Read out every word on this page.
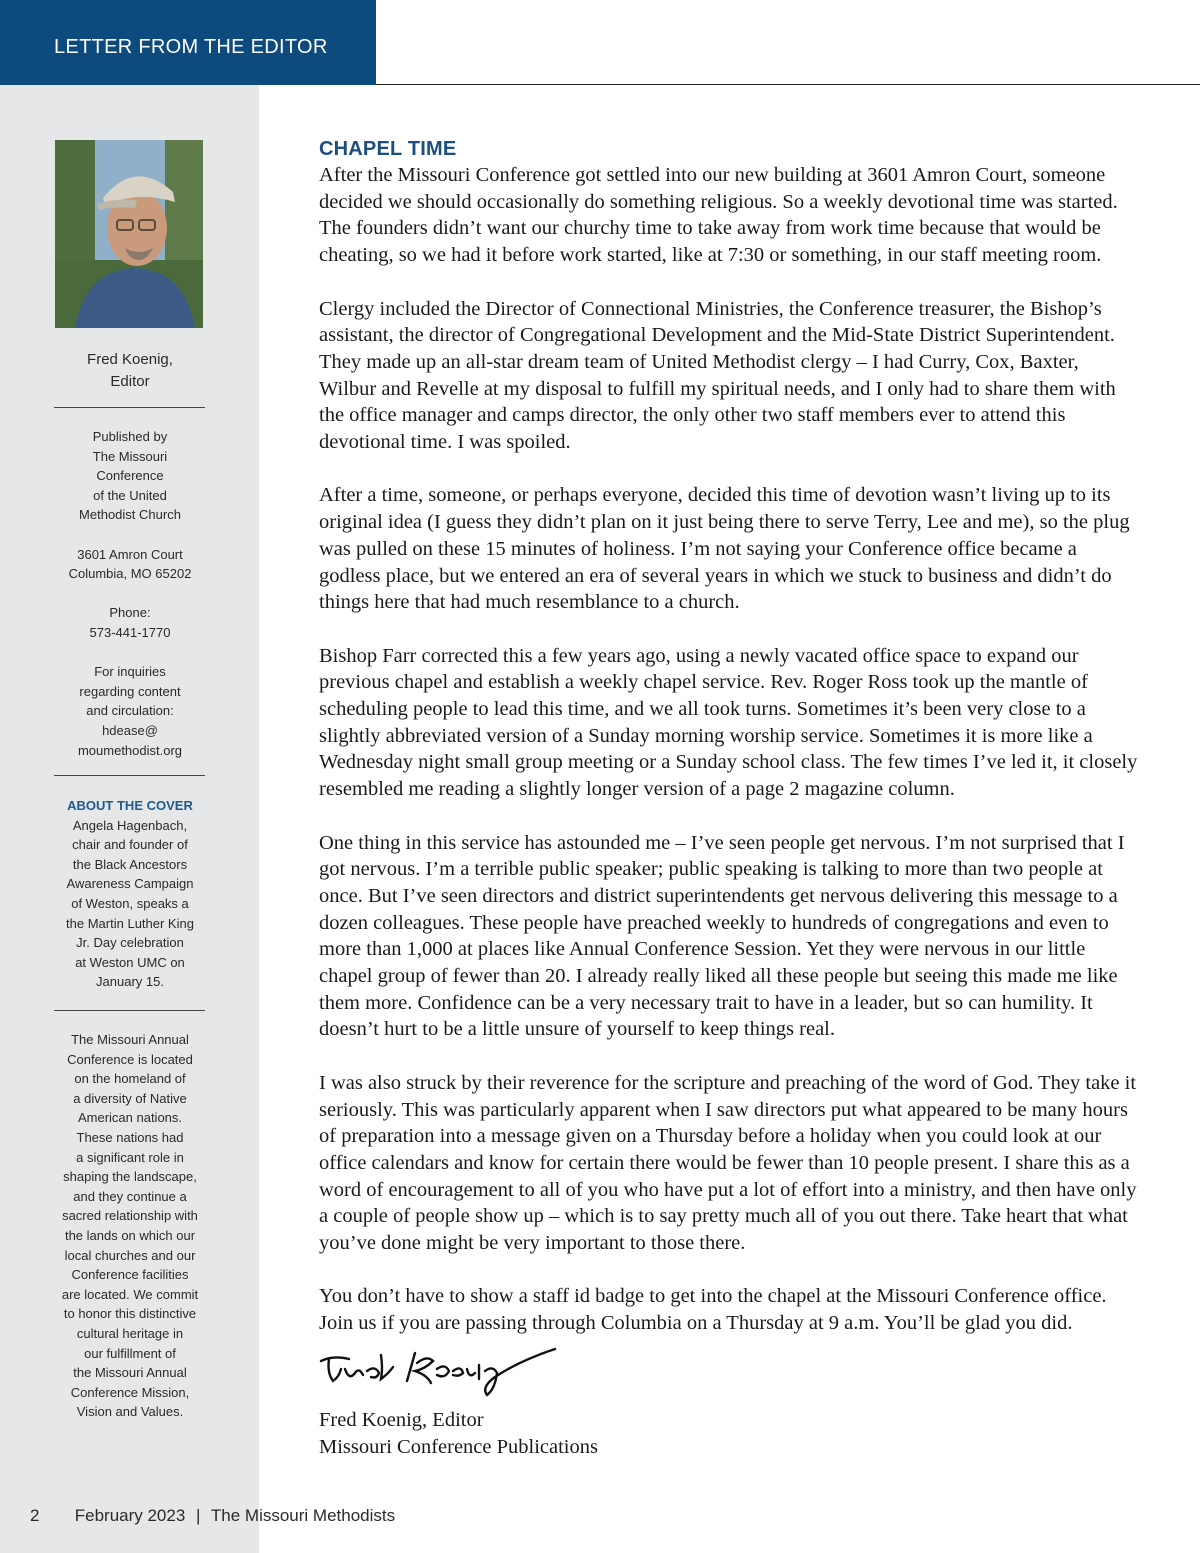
LETTER FROM THE EDITOR
Fred Koenig,
Editor

Published by
The Missouri
Conference
of the United
Methodist Church

3601 Amron Court
Columbia, MO 65202

Phone:
573-441-1770

For inquiries
regarding content
and circulation:
hdease@
moumethodist.org

ABOUT THE COVER
Angela Hagenbach,
chair and founder of
the Black Ancestors
Awareness Campaign
of Weston, speaks a
the Martin Luther King
Jr. Day celebration
at Weston UMC on
January 15.
The Missouri Annual
Conference is located
on the homeland of
a diversity of Native
American nations.
These nations had
a significant role in
shaping the landscape,
and they continue a
sacred relationship with
the lands on which our
local churches and our
Conference facilities
are located. We commit
to honor this distinctive
cultural heritage in
our fulfillment of
the Missouri Annual
Conference Mission,
Vision and Values.
CHAPEL TIME

After the Missouri Conference got settled into our new building at 3601 Amron Court, someone decided we should occasionally do something religious. So a weekly devotional time was started. The founders didn’t want our churchy time to take away from work time because that would be cheating, so we had it before work started, like at 7:30 or something, in our staff meeting room.

Clergy included the Director of Connectional Ministries, the Conference treasurer, the Bishop’s assistant, the director of Congregational Development and the Mid-State District Superintendent. They made up an all-star dream team of United Methodist clergy – I had Curry, Cox, Baxter, Wilbur and Revelle at my disposal to fulfill my spiritual needs, and I only had to share them with the office manager and camps director, the only other two staff members ever to attend this devotional time. I was spoiled.

After a time, someone, or perhaps everyone, decided this time of devotion wasn’t living up to its original idea (I guess they didn’t plan on it just being there to serve Terry, Lee and me), so the plug was pulled on these 15 minutes of holiness. I’m not saying your Conference office became a godless place, but we entered an era of several years in which we stuck to business and didn’t do things here that had much resemblance to a church.

Bishop Farr corrected this a few years ago, using a newly vacated office space to expand our previous chapel and establish a weekly chapel service. Rev. Roger Ross took up the mantle of scheduling people to lead this time, and we all took turns. Sometimes it’s been very close to a slightly abbreviated version of a Sunday morning worship service. Sometimes it is more like a Wednesday night small group meeting or a Sunday school class. The few times I’ve led it, it closely resembled me reading a slightly longer version of a page 2 magazine column.

One thing in this service has astounded me – I’ve seen people get nervous. I’m not surprised that I got nervous. I’m a terrible public speaker; public speaking is talking to more than two people at once. But I’ve seen directors and district superintendents get nervous delivering this message to a dozen colleagues. These people have preached weekly to hundreds of congregations and even to more than 1,000 at places like Annual Conference Session. Yet they were nervous in our little chapel group of fewer than 20. I already really liked all these people but seeing this made me like them more. Confidence can be a very necessary trait to have in a leader, but so can humility. It doesn’t hurt to be a little unsure of yourself to keep things real.

I was also struck by their reverence for the scripture and preaching of the word of God. They take it seriously. This was particularly apparent when I saw directors put what appeared to be many hours of preparation into a message given on a Thursday before a holiday when you could look at our office calendars and know for certain there would be fewer than 10 people present. I share this as a word of encouragement to all of you who have put a lot of effort into a ministry, and then have only a couple of people show up – which is to say pretty much all of you out there. Take heart that what you’ve done might be very important to those there.

You don’t have to show a staff id badge to get into the chapel at the Missouri Conference office. Join us if you are passing through Columbia on a Thursday at 9 a.m. You’ll be glad you did.

Fred Koenig, Editor
Missouri Conference Publications
2 February 2023 | The Missouri Methodists
